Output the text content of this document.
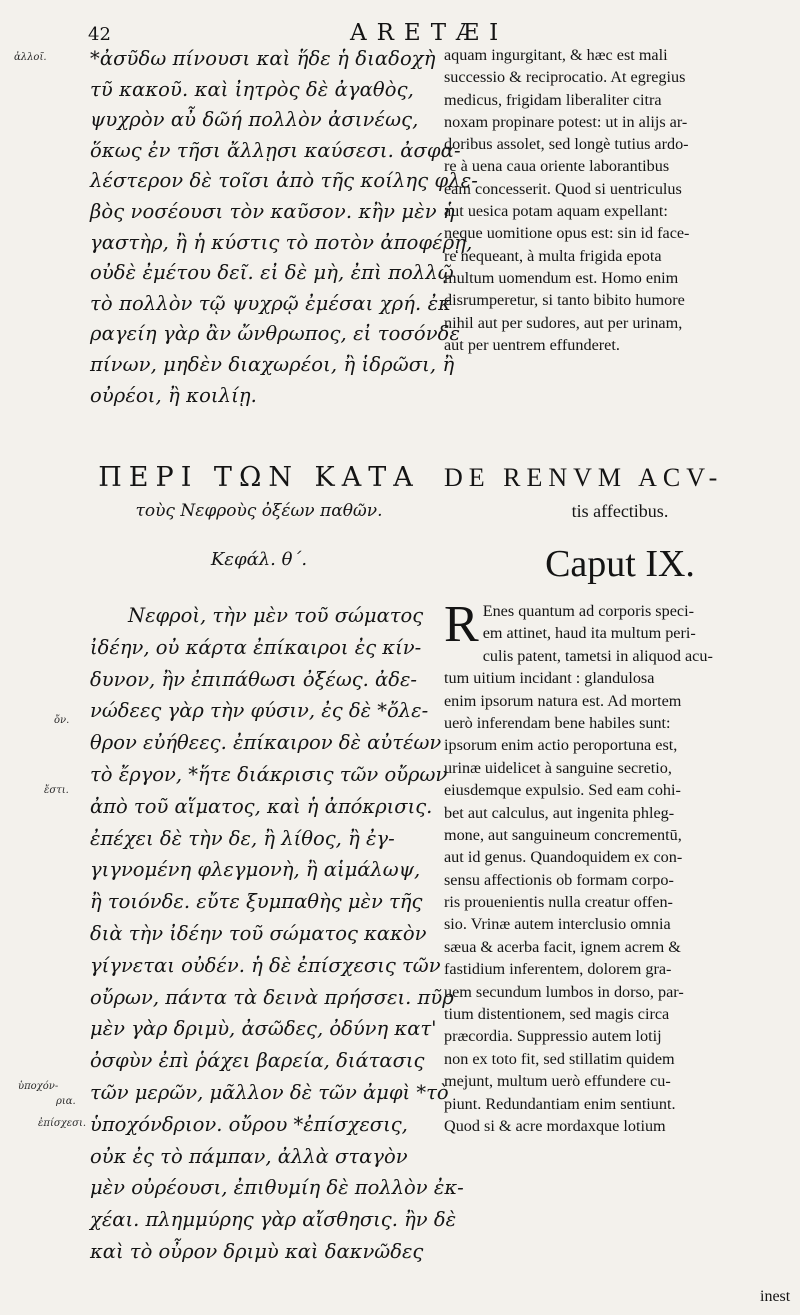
42	ARETÆI
ἀλλοῖ.
ὄν.
ἔστι.
ὑποχόν-
ρια.
ἐπίσχεσι.
*ἀσῦδω πίνουσι καὶ ἥδε ἡ διαδοχὴ
τῦ κακοῦ. καὶ ἰητρὸς δὲ ἀγαθὸς,
ψυχρὸν αὖ δῶή πολλὸν ἀσινέως,
ὅκως ἐν τῆσι ἄλλῃσι καύσεσι. ἀσφα-
λέστερον δὲ τοῖσι ἀπὸ τῆς κοίλης φλε-
βὸς νοσέουσι τὸν καῦσον. κἢν μὲν ἡ
γαστὴρ, ἢ ἡ κύστις τὸ ποτὸν ἀποφέρῃ,
οὐδὲ ἐμέτου δεῖ. εἰ δὲ μὴ, ἐπὶ πολλῷ
τὸ πολλὸν τῷ ψυχρῷ ἐμέσαι χρή. ἐκ
ραγείη γὰρ ἂν ὤνθρωπος, εἰ τοσόνδε
πίνων, μηδὲν διαχωρέοι, ἢ ἱδρῶσι, ἢ
οὐρέοι, ἢ κοιλίῃ.
aquam ingurgitant, & hæc est mali
successio & reciprocatio. At egregius
medicus, frigidam liberaliter citra
noxam propinare potest: ut in alijs ar-
doribus assolet, sed longè tutius ardo-
re à uena caua oriente laborantibus
eam concesserit. Quod si uentriculus
aut uesica potam aquam expellant:
neque uomitione opus est: sin id face-
re nequeant, à multa frigida epota
multum uomendum est. Homo enim
disrumperetur, si tanto bibito humore
nihil aut per sudores, aut per urinam,
aut per uentrem effunderet.
ΠΕΡΙ ΤΩΝ ΚΑΤΑ
τοὺς Νεφροὺς ὀξέων παθῶν.
Κεφάλ. θ΄.
DE RENVM ACV-
tis affectibus.
Caput IX.
Νεφροὶ, τὴν μὲν τοῦ σώματος
ἰδέην, οὐ κάρτα ἐπίκαιροι ἐς κίν-
δυνον, ἢν ἐπιπάθωσι ὀξέως. ἀδε-
νώδεες γὰρ τὴν φύσιν, ἐς δὲ *ὄλε-
θρον εὐήθεες. ἐπίκαιρον δὲ αὐτέων
τὸ ἔργον, *ἥτε διάκρισις τῶν οὔρων
ἀπὸ τοῦ αἵματος, καὶ ἡ ἀπόκρισις.
ἐπέχει δὲ τὴν δε, ἢ λίθος, ἢ ἐγ-
γιγνομένη φλεγμονὴ, ἢ αἱμάλωψ,
ἢ τοιόνδε. εὔτε ξυμπαθὴς μὲν τῆς
διὰ τὴν ἰδέην τοῦ σώματος κακὸν
γίγνεται οὐδέν. ἡ δὲ ἐπίσχεσις τῶν
οὔρων, πάντα τὰ δεινὰ πρήσσει. πῦρ
μὲν γὰρ δριμὺ, ἀσῶδες, ὀδύνη κατ'
ὀσφὺν ἐπὶ ῥάχει βαρεία, διάτασις
τῶν μερῶν, μᾶλλον δὲ τῶν ἀμφὶ *τὸ
ὑποχόνδριον. οὔρου *ἐπίσχεσις,
οὐκ ἐς τὸ πάμπαν, ἀλλὰ σταγὸν
μὲν οὐρέουσι, ἐπιθυμίη δὲ πολλὸν ἐκ-
χέαι. πλημμύρης γὰρ αἴσθησις. ἢν δὲ
καὶ τὸ οὖρον δριμὺ καὶ δακνῶδες
R Enes quantum ad corporis speci-
em attinet, haud ita multum peri-
culis patent, tametsi in aliquod acu-
tum uitium incidant : glandulosa
enim ipsorum natura est. Ad mortem
uerò inferendam bene habiles sunt:
ipsorum enim actio peroportuna est,
urinæ uidelicet à sanguine secretio,
eiusdemque expulsio. Sed eam cohi-
bet aut calculus, aut ingenita phleg-
mone, aut sanguineum concrementū,
aut id genus. Quandoquidem ex con-
sensu affectionis ob formam corpo-
ris prouenientis nulla creatur offen-
sio. Vrinæ autem interclusio omnia
sæua & acerba facit, ignem acrem &
fastidium inferentem, dolorem gra-
uem secundum lumbos in dorso, par-
tium distentionem, sed magis circa
præcordia. Suppressio autem lotij
non ex toto fit, sed stillatim quidem
mejunt, multum uerò effundere cu-
piunt. Redundantiam enim sentiunt.
Quod si & acre mordaxque lotium
inest
